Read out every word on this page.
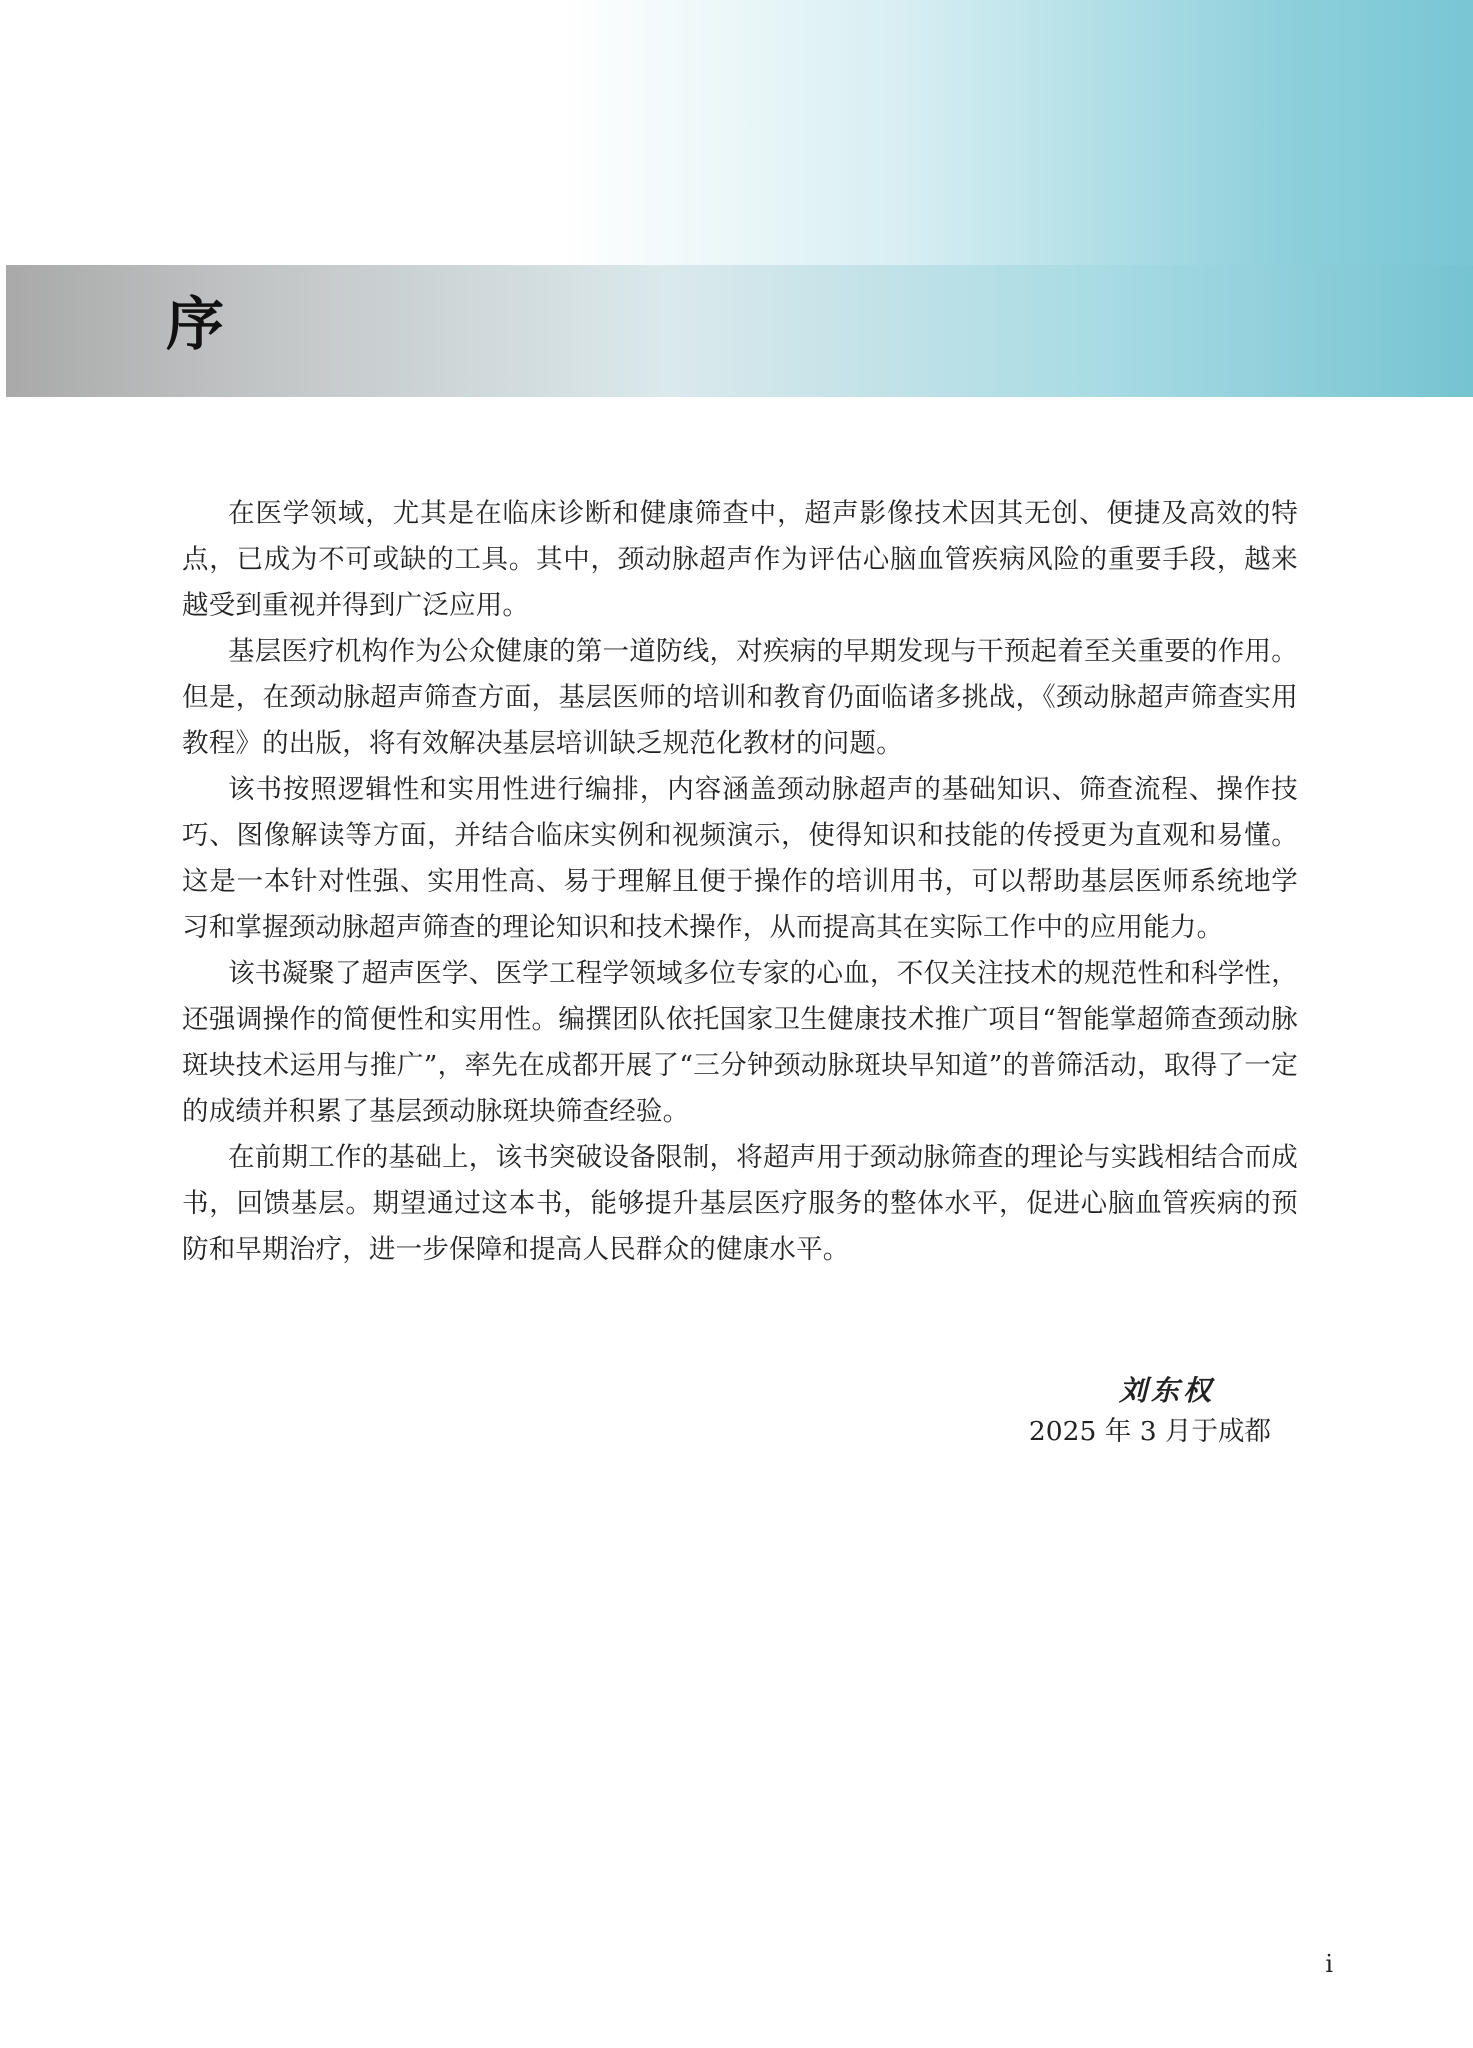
序

在医学领域，尤其是在临床诊断和健康筛查中，超声影像技术因其无创、便捷及高效的特点，已成为不可或缺的工具。其中，颈动脉超声作为评估心脑血管疾病风险的重要手段，越来越受到重视并得到广泛应用。

基层医疗机构作为公众健康的第一道防线，对疾病的早期发现与干预起着至关重要的作用。但是，在颈动脉超声筛查方面，基层医师的培训和教育仍面临诸多挑战，《颈动脉超声筛查实用教程》的出版，将有效解决基层培训缺乏规范化教材的问题。

该书按照逻辑性和实用性进行编排，内容涵盖颈动脉超声的基础知识、筛查流程、操作技巧、图像解读等方面，并结合临床实例和视频演示，使得知识和技能的传授更为直观和易懂。这是一本针对性强、实用性高、易于理解且便于操作的培训用书，可以帮助基层医师系统地学习和掌握颈动脉超声筛查的理论知识和技术操作，从而提高其在实际工作中的应用能力。

该书凝聚了超声医学、医学工程学领域多位专家的心血，不仅关注技术的规范性和科学性，还强调操作的简便性和实用性。编撰团队依托国家卫生健康技术推广项目“智能掌超筛查颈动脉斑块技术运用与推广”，率先在成都开展了“三分钟颈动脉斑块早知道”的普筛活动，取得了一定的成绩并积累了基层颈动脉斑块筛查经验。

在前期工作的基础上，该书突破设备限制，将超声用于颈动脉筛查的理论与实践相结合而成书，回馈基层。期望通过这本书，能够提升基层医疗服务的整体水平，促进心脑血管疾病的预防和早期治疗，进一步保障和提高人民群众的健康水平。

刘东权
2025 年 3 月于成都
i
